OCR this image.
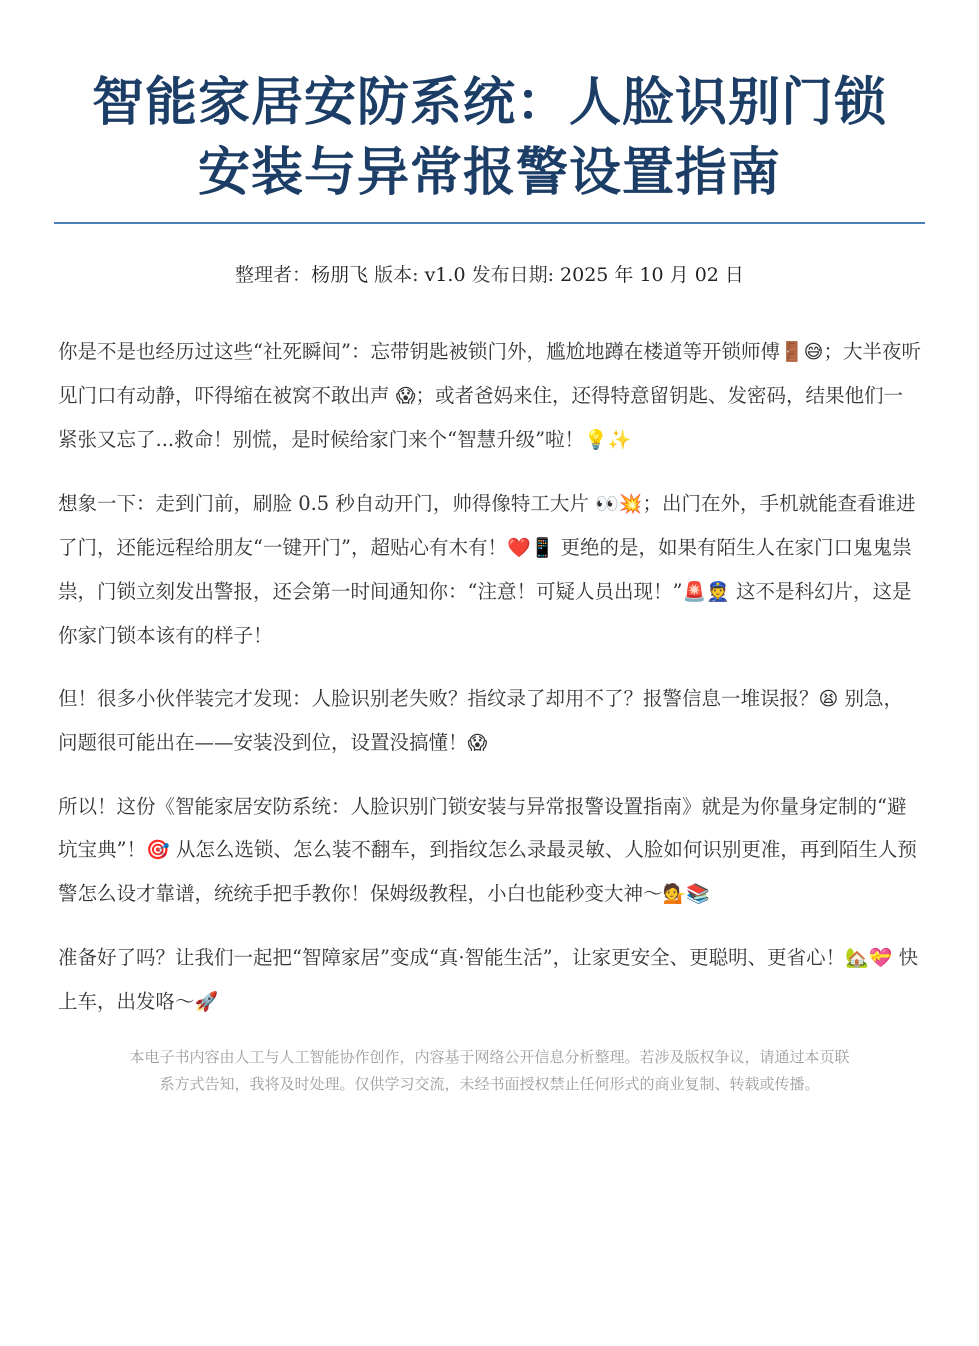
智能家居安防系统：人脸识别门锁
安装与异常报警设置指南
整理者：杨朋飞 版本: v1.0 发布日期: 2025 年 10 月 02 日

你是不是也经历过这些“社死瞬间”：忘带钥匙被锁门外，尴尬地蹲在楼道等开锁师傅🚪😅；大半夜听见门口有动静，吓得缩在被窝不敢出声 😱；或者爸妈来住，还得特意留钥匙、发密码，结果他们一紧张又忘了...救命！别慌，是时候给家门来个“智慧升级”啦！💡✨

想象一下：走到门前，刷脸 0.5 秒自动开门，帅得像特工大片 👀💥；出门在外，手机就能查看谁进了门，还能远程给朋友“一键开门”，超贴心有木有！❤️📱 更绝的是，如果有陌生人在家门口鬼鬼祟祟，门锁立刻发出警报，还会第一时间通知你：“注意！可疑人员出现！”🚨👮 这不是科幻片，这是你家门锁本该有的样子！

但！很多小伙伴装完才发现：人脸识别老失败？指纹录了却用不了？报警信息一堆误报？😫 别急，问题很可能出在——安装没到位，设置没搞懂！😱

所以！这份《智能家居安防系统：人脸识别门锁安装与异常报警设置指南》就是为你量身定制的“避坑宝典”！🎯 从怎么选锁、怎么装不翻车，到指纹怎么录最灵敏、人脸如何识别更准，再到陌生人预警怎么设才靠谱，统统手把手教你！保姆级教程，小白也能秒变大神～💁📚

准备好了吗？让我们一起把“智障家居”变成“真·智能生活”，让家更安全、更聪明、更省心！🏡💝 快上车，出发咯～🚀

本电子书内容由人工与人工智能协作创作，内容基于网络公开信息分析整理。若涉及版权争议，请通过本页联
系方式告知，我将及时处理。仅供学习交流，未经书面授权禁止任何形式的商业复制、转载或传播。
